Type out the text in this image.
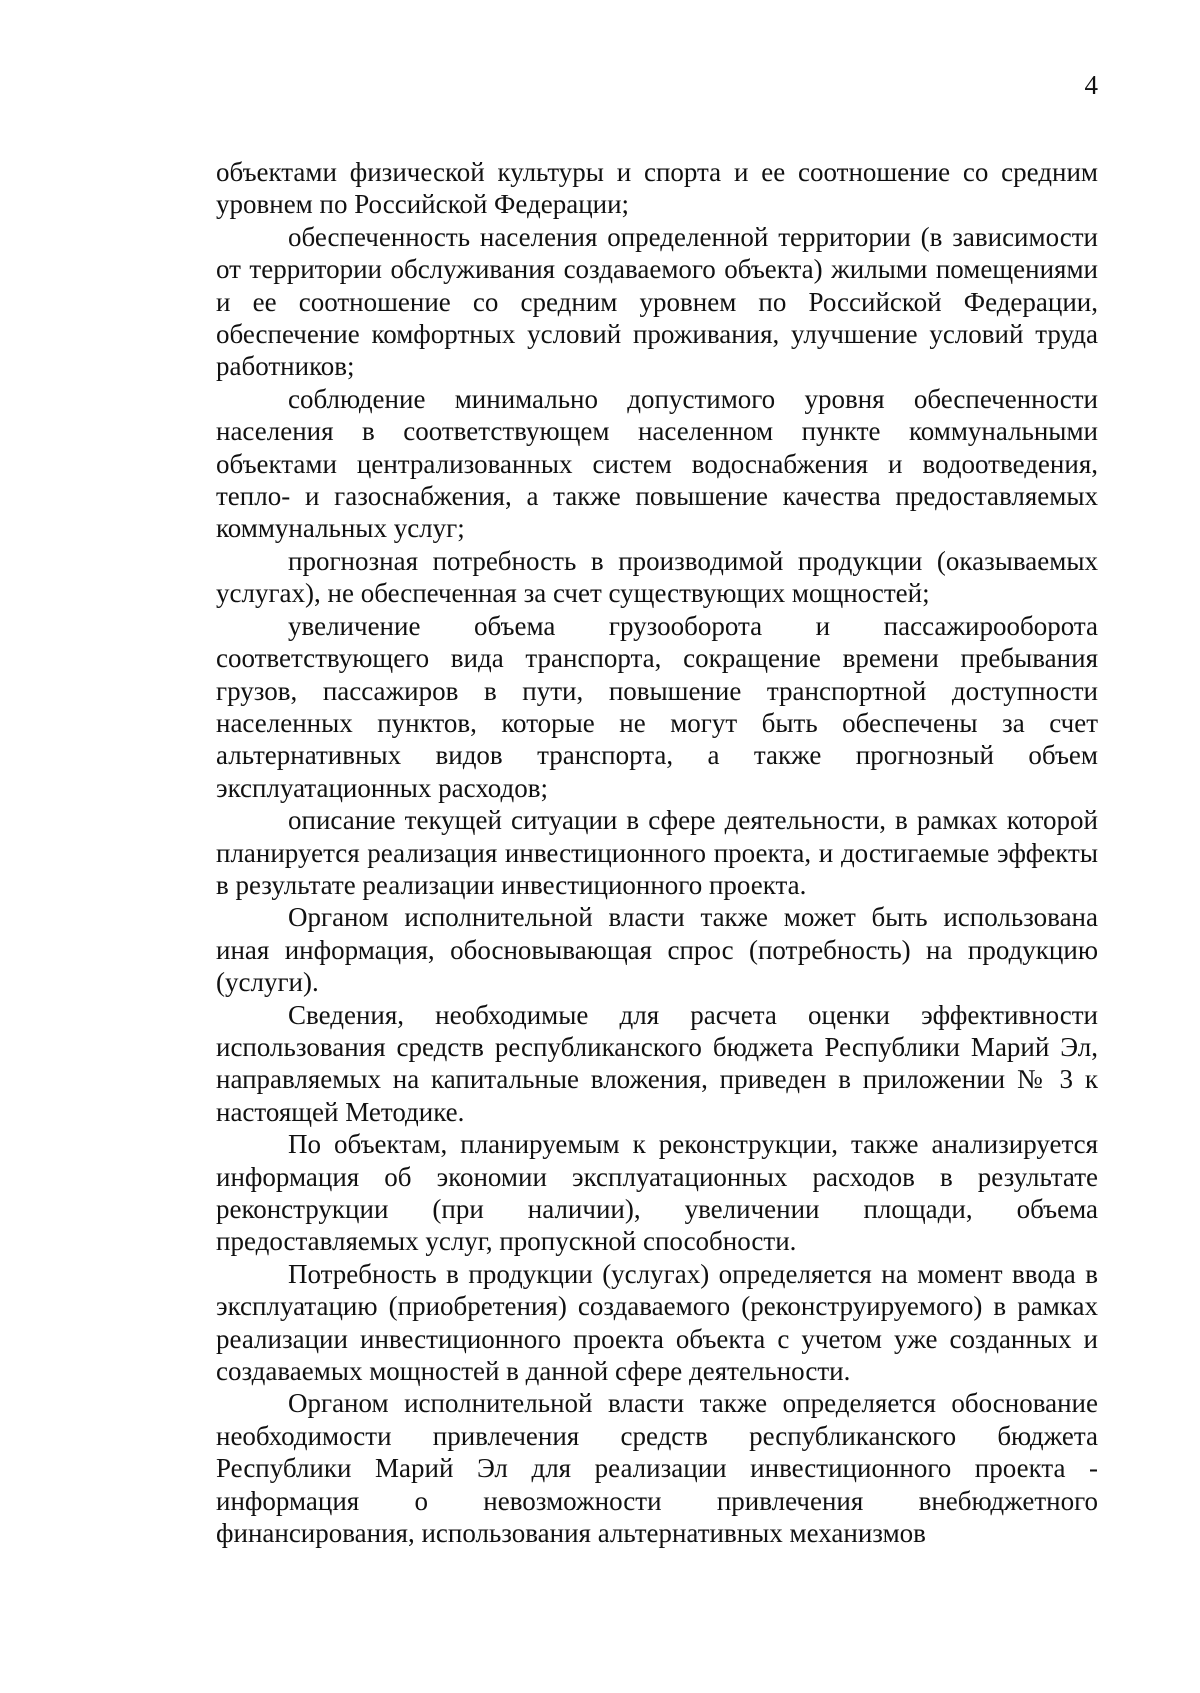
4

объектами физической культуры и спорта и ее соотношение со средним уровнем по Российской Федерации;

обеспеченность населения определенной территории (в зависимости от территории обслуживания создаваемого объекта) жилыми помещениями и ее соотношение со средним уровнем по Российской Федерации, обеспечение комфортных условий проживания, улучшение условий труда работников;

соблюдение минимально допустимого уровня обеспеченности населения в соответствующем населенном пункте коммунальными объектами централизованных систем водоснабжения и водоотведения, тепло- и газоснабжения, а также повышение качества предоставляемых коммунальных услуг;

прогнозная потребность в производимой продукции (оказываемых услугах), не обеспеченная за счет существующих мощностей;

увеличение объема грузооборота и пассажирооборота соответствующего вида транспорта, сокращение времени пребывания грузов, пассажиров в пути, повышение транспортной доступности населенных пунктов, которые не могут быть обеспечены за счет альтернативных видов транспорта, а также прогнозный объем эксплуатационных расходов;

описание текущей ситуации в сфере деятельности, в рамках которой планируется реализация инвестиционного проекта, и достигаемые эффекты в результате реализации инвестиционного проекта.

Органом исполнительной власти также может быть использована иная информация, обосновывающая спрос (потребность) на продукцию (услуги).

Сведения, необходимые для расчета оценки эффективности использования средств республиканского бюджета Республики Марий Эл, направляемых на капитальные вложения, приведен в приложении № 3 к настоящей Методике.

По объектам, планируемым к реконструкции, также анализируется информация об экономии эксплуатационных расходов в результате реконструкции (при наличии), увеличении площади, объема предоставляемых услуг, пропускной способности.

Потребность в продукции (услугах) определяется на момент ввода в эксплуатацию (приобретения) создаваемого (реконструируемого) в рамках реализации инвестиционного проекта объекта с учетом уже созданных и создаваемых мощностей в данной сфере деятельности.

Органом исполнительной власти также определяется обоснование необходимости привлечения средств республиканского бюджета Республики Марий Эл для реализации инвестиционного проекта - информация о невозможности привлечения внебюджетного финансирования, использования альтернативных механизмов
